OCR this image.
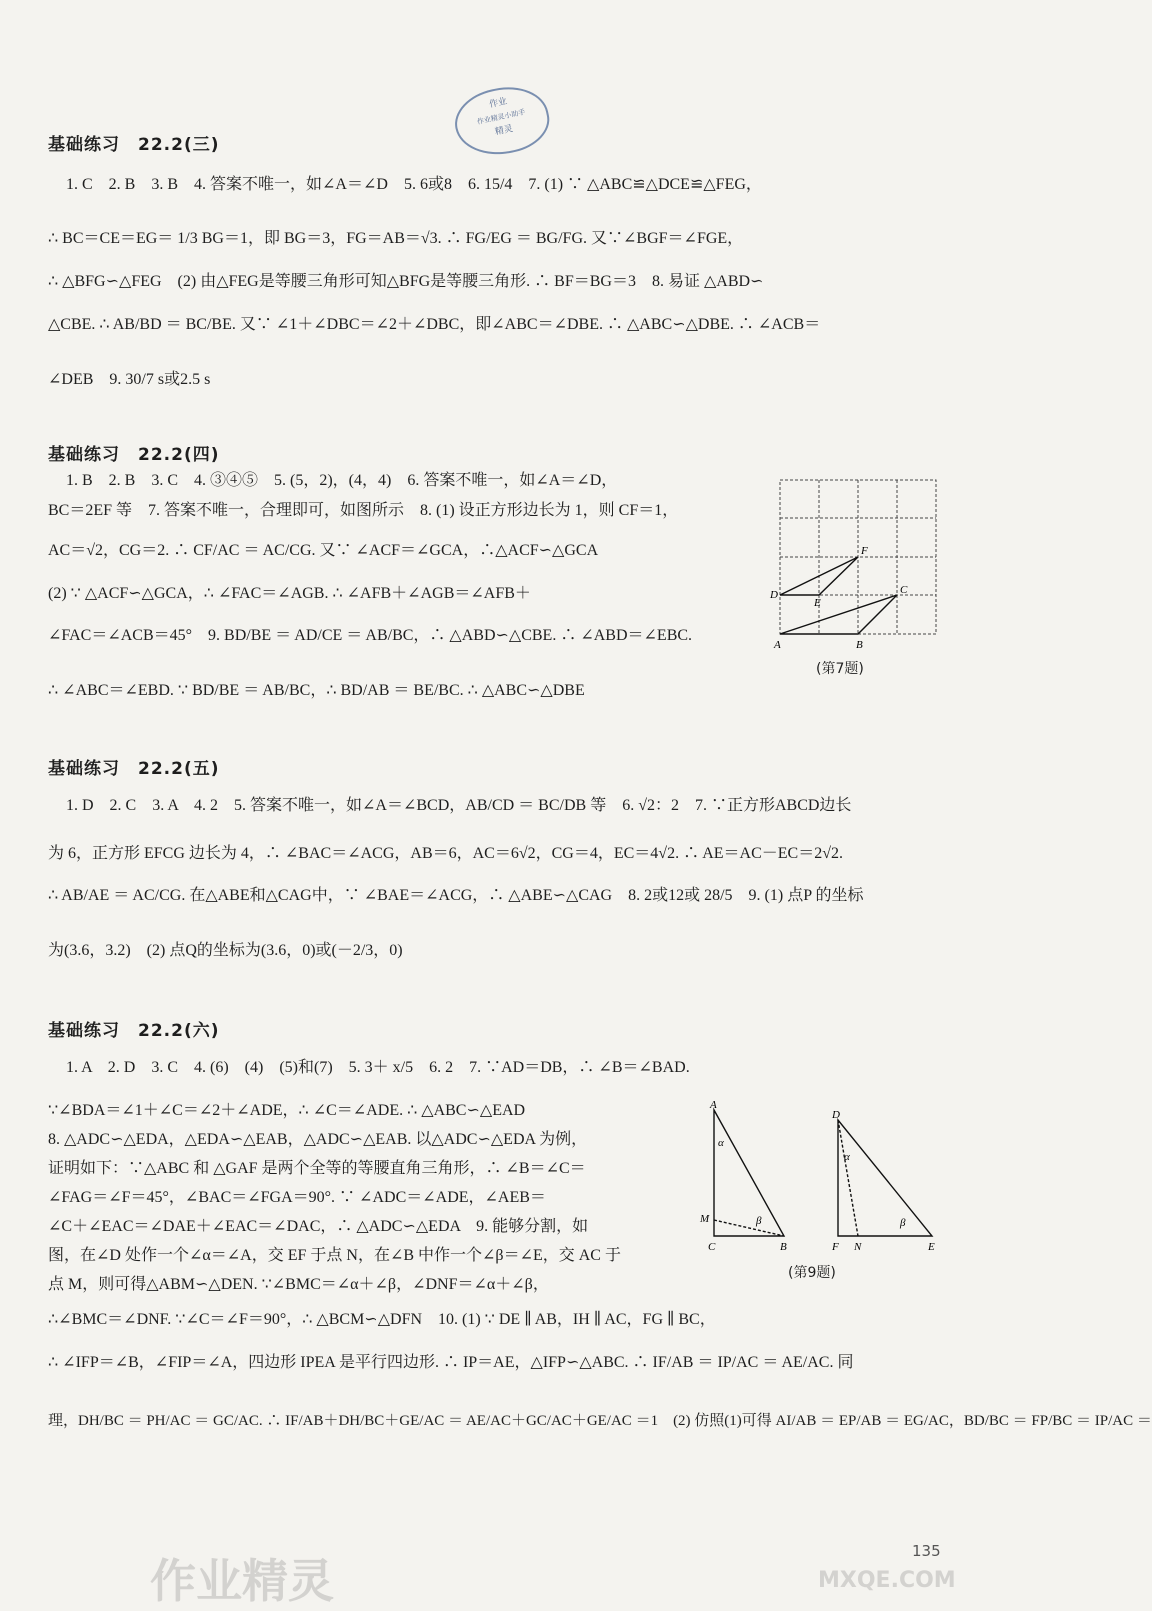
作业
作业精灵小助手
精灵
基础练习　22.2(三)
1. C　2. B　3. B　4. 答案不唯一，如∠A＝∠D　5. 6或8　6. 15/4　7. (1) ∵ △ABC≌△DCE≌△FEG，
∴ BC＝CE＝EG＝ 1/3 BG＝1，即 BG＝3，FG＝AB＝√3. ∴ FG/EG ＝ BG/FG. 又∵∠BGF＝∠FGE，
∴ △BFG∽△FEG　(2) 由△FEG是等腰三角形可知△BFG是等腰三角形. ∴ BF＝BG＝3　8. 易证 △ABD∽
△CBE. ∴ AB/BD ＝ BC/BE. 又∵ ∠1＋∠DBC＝∠2＋∠DBC，即∠ABC＝∠DBE. ∴ △ABC∽△DBE. ∴ ∠ACB＝
∠DEB　9. 30/7 s或2.5 s
基础练习　22.2(四)
1. B　2. B　3. C　4. ③④⑤　5. (5，2)，(4，4)　6. 答案不唯一，如∠A＝∠D，
BC＝2EF 等　7. 答案不唯一，合理即可，如图所示　8. (1) 设正方形边长为 1，则 CF＝1，
AC＝√2，CG＝2. ∴ CF/AC ＝ AC/CG. 又∵ ∠ACF＝∠GCA，∴△ACF∽△GCA
(2) ∵ △ACF∽△GCA，∴ ∠FAC＝∠AGB. ∴ ∠AFB＋∠AGB＝∠AFB＋
∠FAC＝∠ACB＝45°　9. BD/BE ＝ AD/CE ＝ AB/BC，∴ △ABD∽△CBE. ∴ ∠ABD＝∠EBC.
∴ ∠ABC＝∠EBD. ∵ BD/BE ＝ AB/BC，∴ BD/AB ＝ BE/BC. ∴ △ABC∽△DBE
D
E
F
C
A	B
(第7题)
基础练习　22.2(五)
1. D　2. C　3. A　4. 2　5. 答案不唯一，如∠A＝∠BCD，AB/CD ＝ BC/DB 等　6. √2：2　7. ∵正方形ABCD边长
为 6，正方形 EFCG 边长为 4，∴ ∠BAC＝∠ACG，AB＝6，AC＝6√2，CG＝4，EC＝4√2. ∴ AE＝AC－EC＝2√2.
∴ AB/AE ＝ AC/CG. 在△ABE和△CAG中，∵ ∠BAE＝∠ACG，∴ △ABE∽△CAG　8. 2或12或 28/5　9. (1) 点P 的坐标
为(3.6，3.2)　(2) 点Q的坐标为(3.6，0)或(－2/3，0)
基础练习　22.2(六)
1. A　2. D　3. C　4. (6)　(4)　(5)和(7)　5. 3＋ x/5　6. 2　7. ∵AD＝DB，∴ ∠B＝∠BAD.
∵∠BDA＝∠1＋∠C＝∠2＋∠ADE，∴ ∠C＝∠ADE. ∴ △ABC∽△EAD
8. △ADC∽△EDA，△EDA∽△EAB，△ADC∽△EAB. 以△ADC∽△EDA 为例，
证明如下：∵△ABC 和 △GAF 是两个全等的等腰直角三角形，∴ ∠B＝∠C＝
∠FAG＝∠F＝45°，∠BAC＝∠FGA＝90°. ∵ ∠ADC＝∠ADE，∠AEB＝
∠C＋∠EAC＝∠DAE＋∠EAC＝∠DAC，∴ △ADC∽△EDA　9. 能够分割，如
图，在∠D 处作一个∠α＝∠A，交 EF 于点 N，在∠B 中作一个∠β＝∠E，交 AC 于
点 M，则可得△ABM∽△DEN. ∵∠BMC＝∠α＋∠β，∠DNF＝∠α＋∠β，
∴∠BMC＝∠DNF. ∵∠C＝∠F＝90°，∴ △BCM∽△DFN　10. (1) ∵ DE ∥ AB，IH ∥ AC，FG ∥ BC，
∴ ∠IFP＝∠B，∠FIP＝∠A，四边形 IPEA 是平行四边形. ∴ IP＝AE，△IFP∽△ABC. ∴ IF/AB ＝ IP/AC ＝ AE/AC. 同
理，DH/BC ＝ PH/AC ＝ GC/AC. ∴ IF/AB＋DH/BC＋GE/AC ＝ AE/AC＋GC/AC＋GE/AC ＝1　(2) 仿照(1)可得 AI/AB ＝ EP/AB ＝ EG/AC，BD/BC ＝ FP/BC ＝ IP/AC ＝
A
α
M	β
C	B
D
α
β
F N	E
(第9题)
作业精灵	MXQE.COM
135
